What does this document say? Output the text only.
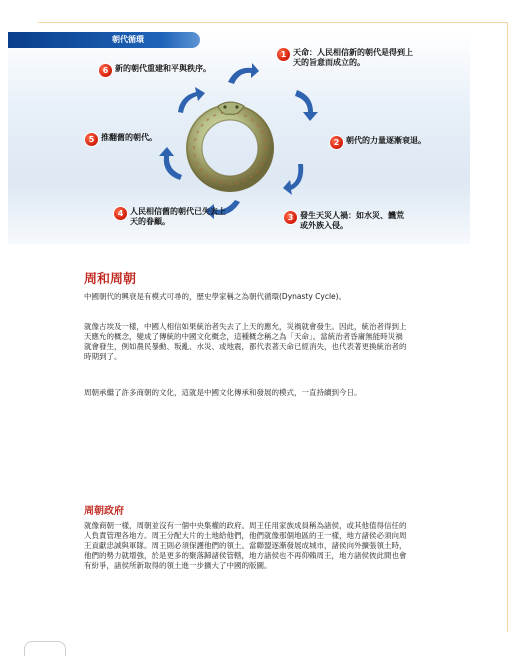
朝代循環
1 天命：人民相信新的朝代是得到上天的旨意而成立的。
2 朝代的力量逐漸衰退。
3 發生天災人禍：如水災、饑荒或外族入侵。
4 人民相信舊的朝代已失去上天的眷顧。
5 推翻舊的朝代。
6 新的朝代重建和平與秩序。
周和周朝

中國朝代的興衰是有模式可尋的，歷史學家稱之為朝代循環(Dynasty Cycle)。

就像古埃及一樣，中國人相信如果統治者失去了上天的應允，災禍就會發生。因此，統治者得到上天應允的概念，變成了傳統的中國文化概念，這種概念稱之為「天命」。當統治者昏庸無能時災禍就會發生，例如農民暴動、叛亂、水災、或地震，都代表著天命已經消失，也代表著更換統治者的時期到了。

周朝承繼了許多商朝的文化，這就是中國文化傳承和發展的模式，一直持續到今日。

周朝政府

就像商朝一樣，周朝並沒有一個中央集權的政府。周王任用家族成員稱為諸侯，或其他值得信任的人負責管理各地方。周王分配大片的土地給他們，他們就像那個地區的王一樣，地方諸侯必須向周王貢獻忠誠與軍隊。周王則必須保護他們的領土。當聯盟逐漸發展成城市，諸侯向外擴張領土時，他們的勢力就增強，於是更多的聚落歸諸侯管轄，地方諸侯也不再仰賴周王，地方諸侯彼此間也會有紛爭，諸侯所新取得的領土進一步擴大了中國的版圖。
